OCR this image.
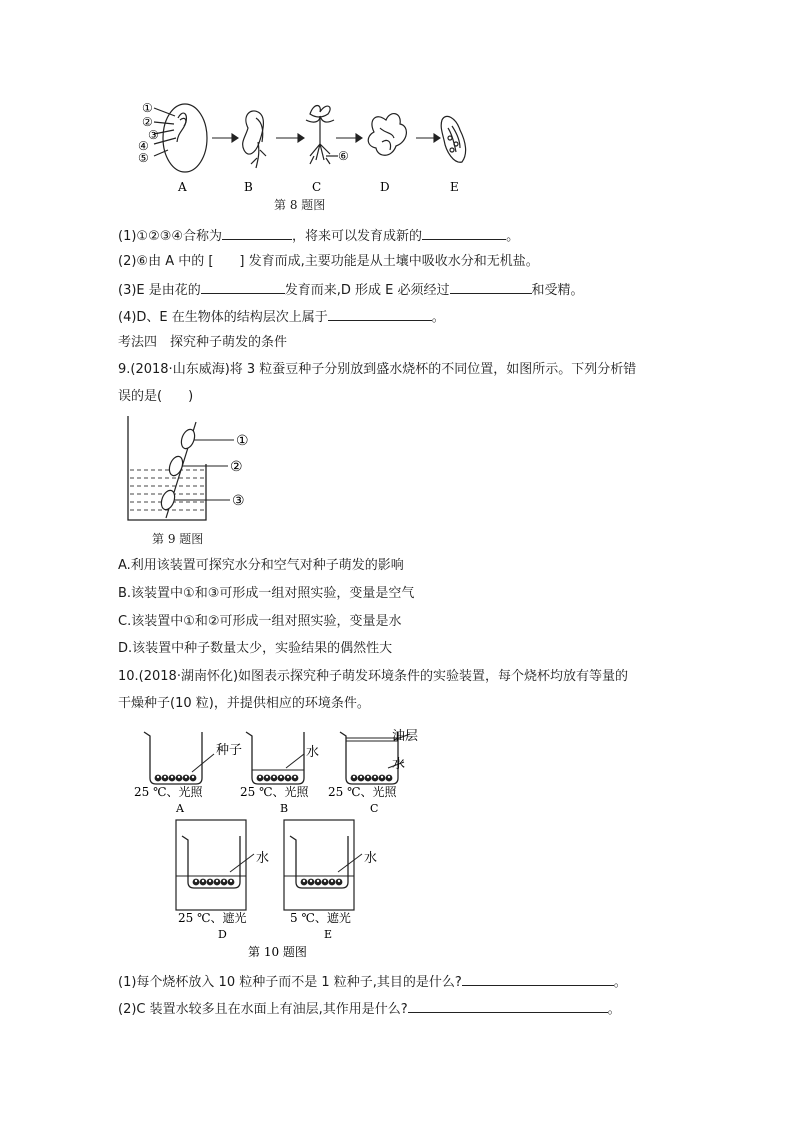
①
②
③
④
⑤	⑥
A	B	C	D	E
第 8 题图
(1)①②③④合称为	，将来可以发育成新的	。
(2)⑥由 A 中的 [　　] 发育而成,主要功能是从土壤中吸收水分和无机盐。
(3)E 是由花的	发育而来,D 形成 E 必须经过	和受精。
(4)D、E 在生物体的结构层次上属于	。
考法四　探究种子萌发的条件
9.(2018·山东威海)将 3 粒蚕豆种子分别放到盛水烧杯的不同位置，如图所示。下列分析错
误的是(　　)
①
②
③
第 9 题图
A.利用该装置可探究水分和空气对种子萌发的影响
B.该装置中①和③可形成一组对照实验，变量是空气
C.该装置中①和②可形成一组对照实验，变量是水
D.该装置中种子数量太少，实验结果的偶然性大
10.(2018·湖南怀化)如图表示探究种子萌发环境条件的实验装置，每个烧杯均放有等量的
干燥种子(10 粒)，并提供相应的环境条件。
种子
25 ℃、光照
A
水
25 ℃、光照
B
油层
水
25 ℃、光照
C
水
25 ℃、遮光
D
水
5 ℃、遮光
E
第 10 题图
(1)每个烧杯放入 10 粒种子而不是 1 粒种子,其目的是什么?	。
(2)C 装置水较多且在水面上有油层,其作用是什么?	。
